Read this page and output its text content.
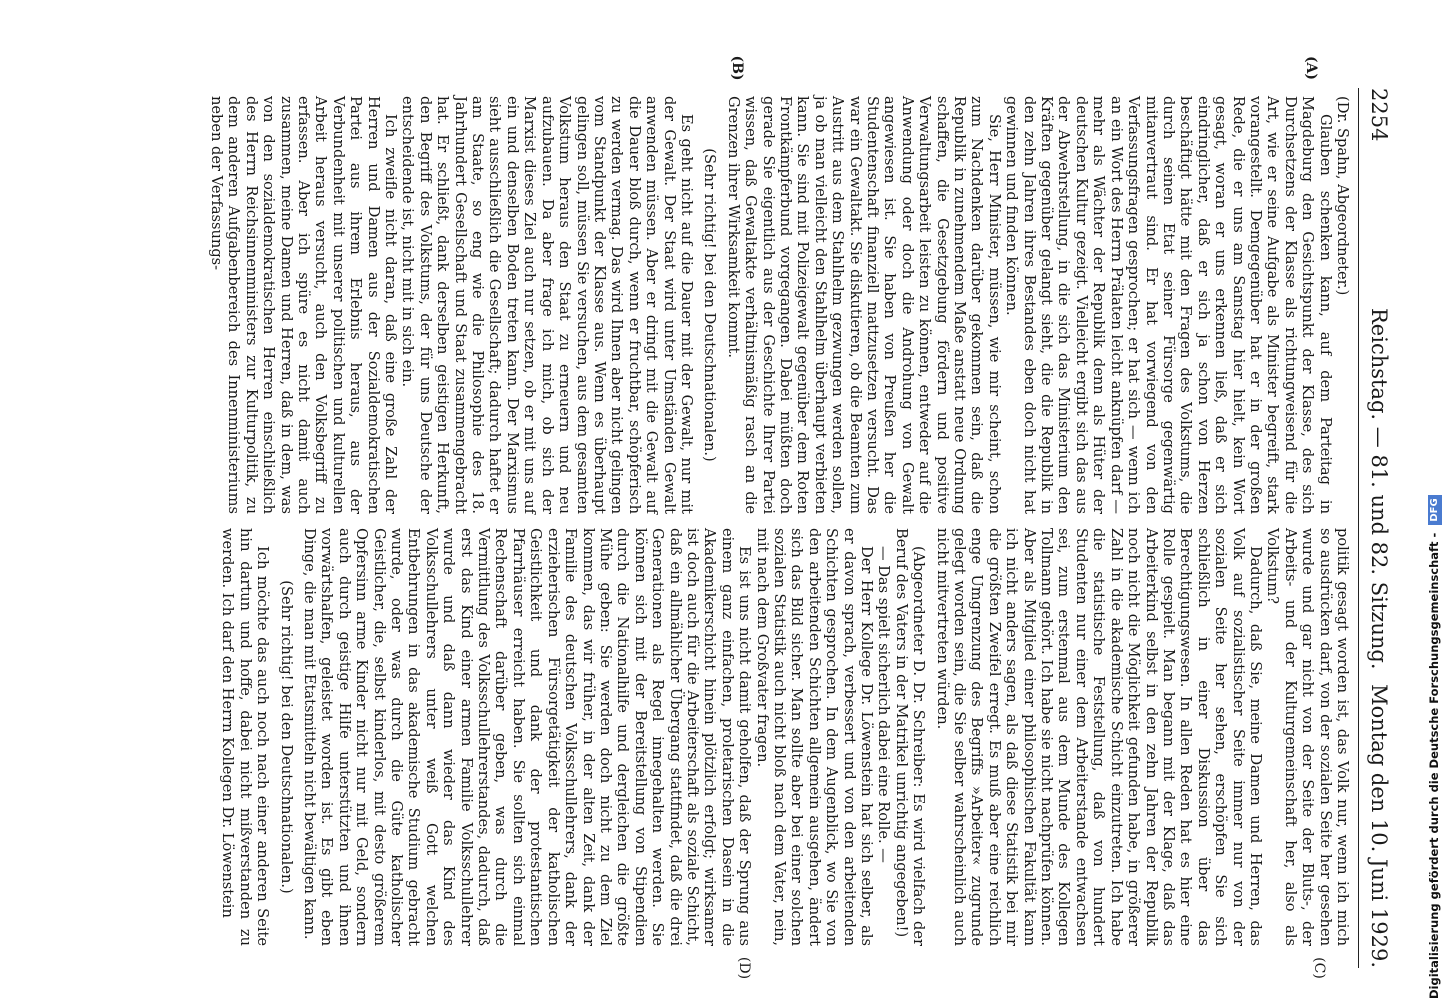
2254
Reichstag. — 81. und 82. Sitzung.
Montag den 10. Juni 1929.
(A)
(B)
(C)
(D)

(Dr. Spahn, Abgeordneter.)

Glauben schenken kann, auf dem Parteitag in Magdeburg den Gesichtspunkt der Klasse, des sich Durchsetzens der Klasse als richtungweisend für die Art, wie er seine Aufgabe als Minister begreift, stark vorangestellt. Demgegenüber hat er in der großen Rede, die er uns am Samstag hier hielt, kein Wort gesagt, woran er uns erkennen ließ, daß er sich eindringlicher, daß er sich ja schon von Herzen beschäftigt hätte mit den Fragen des Volkstums, die durch seinen Etat seiner Fürsorge gegenwärtig mitanvertraut sind. Er hat vorwiegend von den Verfassungsfragen gesprochen; er hat sich — wenn ich an ein Wort des Herrn Prälaten leicht anknüpfen darf — mehr als Wächter der Republik denn als Hüter der deutschen Kultur gezeigt. Vielleicht ergibt sich das aus der Abwehrstellung, in die sich das Ministerium den Kräften gegenüber gelangt sieht, die die Republik in den zehn Jahren ihres Bestandes eben doch nicht hat gewinnen und finden können.

Sie, Herr Minister, müssen, wie mir scheint, schon zum Nachdenken darüber gekommen sein, daß die Republik in zunehmendem Maße anstatt neue Ordnung schaffen, die Gesetzgebung fördern und positive Verwaltungsarbeit leisten zu können, entweder auf die Anwendung oder doch die Androhung von Gewalt angewiesen ist. Sie haben von Preußen her die Studentenschaft finanziell mattzusetzen versucht. Das war ein Gewaltakt. Sie diskutieren, ob die Beamten zum Austritt aus dem Stahlhelm gezwungen werden sollen, ja ob man vielleicht den Stahlhelm überhaupt verbieten kann. Sie sind mit Polizeigewalt gegenüber dem Roten Frontkämpferbund vorgegangen. Dabei müßten doch gerade Sie eigentlich aus der Geschichte Ihrer Partei wissen, daß Gewaltakte verhältnismäßig rasch an die Grenzen ihrer Wirksamkeit kommt.

(Sehr richtig! bei den Deutschnationalen.)

Es geht nicht auf die Dauer mit der Gewalt, nur mit der Gewalt. Der Staat wird unter Umständen Gewalt anwenden müssen. Aber er dringt mit die Gewalt auf die Dauer bloß durch, wenn er fruchtbar, schöpferisch zu werden vermag. Das wird Ihnen aber nicht gelingen vom Standpunkt der Klasse aus. Wenn es überhaupt gelingen soll, müssen Sie versuchen, aus dem gesamten Volkstum heraus den Staat zu erneuern und neu aufzubauen. Da aber frage ich mich, ob sich der Marxist dieses Ziel auch nur setzen, ob er mit uns auf ein und denselben Boden treten kann. Der Marxismus sieht ausschließlich die Gesellschaft; dadurch haftet er am Staate, so eng wie die Philosophie des 18. Jahrhundert Gesellschaft und Staat zusammengebracht hat. Er schließt, dank derselben geistigen Herkunft, den Begriff des Volkstums, der für uns Deutsche der entscheidende ist, nicht mit in sich ein.

Ich zweifle nicht daran, daß eine große Zahl der Herren und Damen aus der Sozialdemokratischen Partei aus ihrem Erlebnis heraus, aus der Verbundenheit mit unserer politischen und kulturellen Arbeit heraus versucht, auch den Volksbegriff zu erfassen. Aber ich spüre es nicht damit auch zusammen, meine Damen und Herren, daß in dem, was von den sozialdemokratischen Herren einschließlich des Herrn Reichsinnenministers zur Kulturpolitik, zu dem anderen Aufgabenbereich des Innenministeriums neben der Verfassungs-

politik gesagt worden ist, das Volk nur, wenn ich mich so ausdrücken darf, von der sozialen Seite her gesehen wurde und gar nicht von der Seite der Bluts-, der Arbeits- und der Kulturgemeinschaft her, also als Volkstum?

Dadurch, daß Sie, meine Damen und Herren, das Volk auf sozialistischer Seite immer nur von der sozialen Seite her sehen, erschöpfen Sie sich schließlich in einer Diskussion über das Berechtigungswesen. In allen Reden hat es hier eine Rolle gespielt. Man begann mit der Klage, daß das Arbeiterkind selbst in den zehn Jahren der Republik noch nicht die Möglichkeit gefunden habe, in größerer Zahl in die akademische Schicht einzutreten. Ich habe die statistische Feststellung, daß von hundert Studenten nur einer dem Arbeiterstande entwachsen sei, zum erstenmal aus dem Munde des Kollegen Tollmann gehört. Ich habe sie nicht nachprüfen können. Aber als Mitglied einer philosophischen Fakultät kann ich nicht anders sagen, als daß diese Statistik bei mir die größten Zweifel erregt. Es muß aber eine reichlich enge Umgrenzung des Begriffs »Arbeiter« zugrunde gelegt worden sein, die Sie selber wahrscheinlich auch nicht mitvertreten würden.

(Abgeordneter D. Dr. Schreiber: Es wird vielfach der Beruf des Vaters in der Matrikel unrichtig angegeben!)

— Das spielt sicherlich dabei eine Rolle. —

Der Herr Kollege Dr. Löwenstein hat sich selber, als er davon sprach, verbessert und von den arbeitenden Schichten gesprochen. In dem Augenblick, wo Sie von den arbeitenden Schichten allgemein ausgehen, ändert sich das Bild sicher. Man sollte aber bei einer solchen sozialen Statistik auch nicht bloß nach dem Vater, nein, mit nach dem Großvater fragen.

Es ist uns nicht damit geholfen, daß der Sprung aus einem ganz einfachen, proletarischen Dasein in die Akademikerschicht hinein plötzlich erfolgt; wirksamer ist doch auch für die Arbeiterschaft als soziale Schicht, daß ein allmählicher Übergang stattfindet, daß die drei Generationen als Regel innegehalten werden. Sie können sich mit der Bereitstellung von Stipendien durch die Nationalhilfe und dergleichen die größte Mühe geben: Sie werden doch nicht zu dem Ziel kommen, das wir früher, in der alten Zeit, dank der Familie des deutschen Volksschullehrers, dank der erzieherischen Fürsorgetätigkeit der katholischen Geistlichkeit und dank der protestantischen Pfarrhäuser erreicht haben. Sie sollten sich einmal Rechenschaft darüber geben, was durch die Vermittlung des Volksschullehrerstandes, dadurch, daß erst das Kind einer armen Familie Volksschullehrer wurde und daß dann wieder das Kind des Volksschullehrers unter weiß Gott welchen Entbehrungen in das akademische Studium gebracht wurde, oder was durch die Güte katholischer Geistlicher, die, selbst kinderlos, mit desto größerem Opfersinn arme Kinder nicht nur mit Geld, sondern auch durch geistige Hilfe unterstützten und ihnen vorwärtshalfen, geleistet worden ist. Es gibt eben Dinge, die man mit Etatsmitteln nicht bewältigen kann.

(Sehr richtig! bei den Deutschnationalen.)

Ich möchte das auch noch nach einer anderen Seite hin dartun und hoffe, dabei nicht mißverstanden zu werden. Ich darf den Herrn Kollegen Dr. Löwenstein	Digitalisierung gefördert durch die Deutsche Forschungsgemeinschaft - DFG
